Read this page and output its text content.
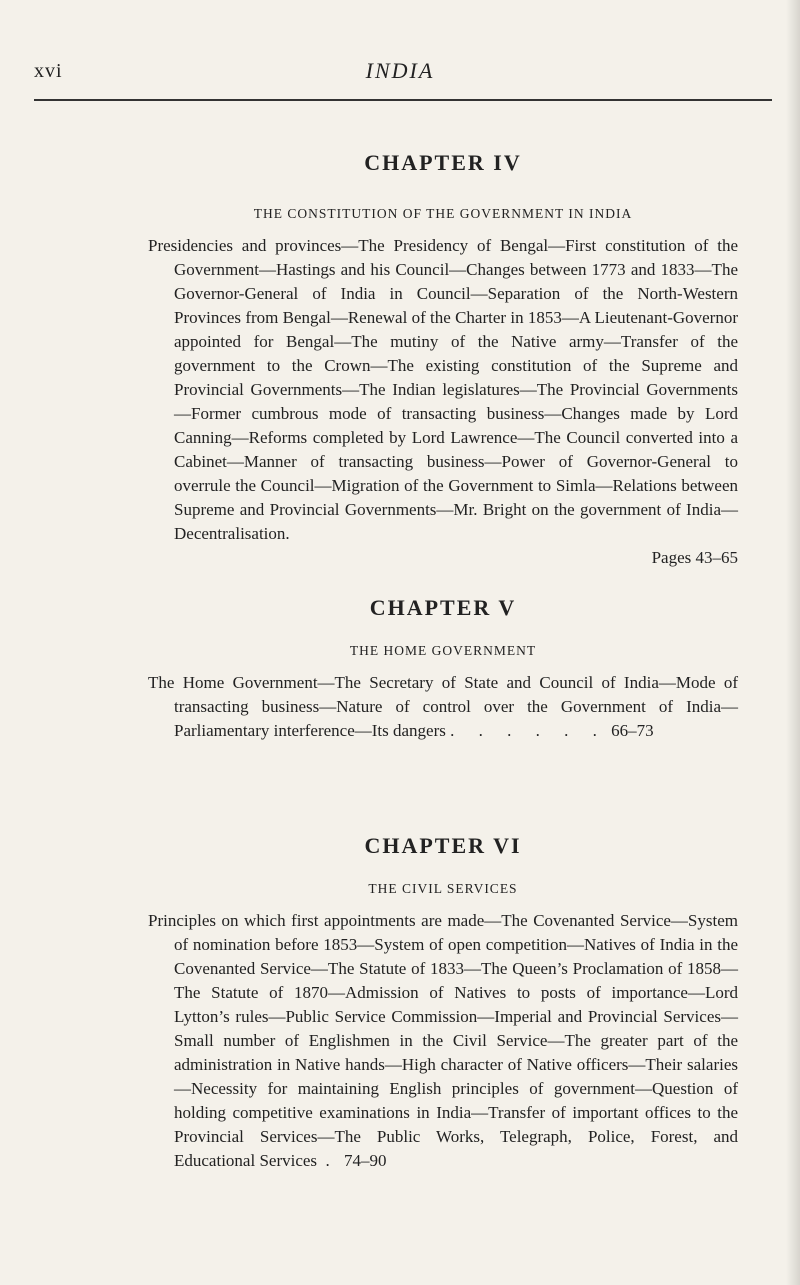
xvi	INDIA
CHAPTER IV

THE CONSTITUTION OF THE GOVERNMENT IN INDIA

Presidencies and provinces—The Presidency of Bengal—First constitution of the Government—Hastings and his Council—Changes between 1773 and 1833—The Governor-General of India in Council—Separation of the North-Western Provinces from Bengal—Renewal of the Charter in 1853—A Lieutenant-Governor appointed for Bengal—The mutiny of the Native army—Transfer of the government to the Crown—The existing constitution of the Supreme and Provincial Governments—The Indian legislatures—The Provincial Governments—Former cumbrous mode of transacting business—Changes made by Lord Canning—Reforms completed by Lord Lawrence—The Council converted into a Cabinet—Manner of transacting business—Power of Governor-General to overrule the Council—Migration of the Government to Simla—Relations between Supreme and Provincial Governments—Mr. Bright on the government of India—Decentralisation.

Pages 43–65

CHAPTER V

THE HOME GOVERNMENT

The Home Government—The Secretary of State and Council of India—Mode of transacting business—Nature of control over the Government of India—Parliamentary interference—Its dangers . . . . . . 66–73

CHAPTER VI

THE CIVIL SERVICES

Principles on which first appointments are made—The Covenanted Service—System of nomination before 1853—System of open competition—Natives of India in the Covenanted Service—The Statute of 1833—The Queen’s Proclamation of 1858—The Statute of 1870—Admission of Natives to posts of importance—Lord Lytton’s rules—Public Service Commission—Imperial and Provincial Services—Small number of Englishmen in the Civil Service—The greater part of the administration in Native hands—High character of Native officers—Their salaries—Necessity for maintaining English principles of government—Question of holding competitive examinations in India—Transfer of important offices to the Provincial Services—The Public Works, Telegraph, Police, Forest, and Educational Services . 74–90
